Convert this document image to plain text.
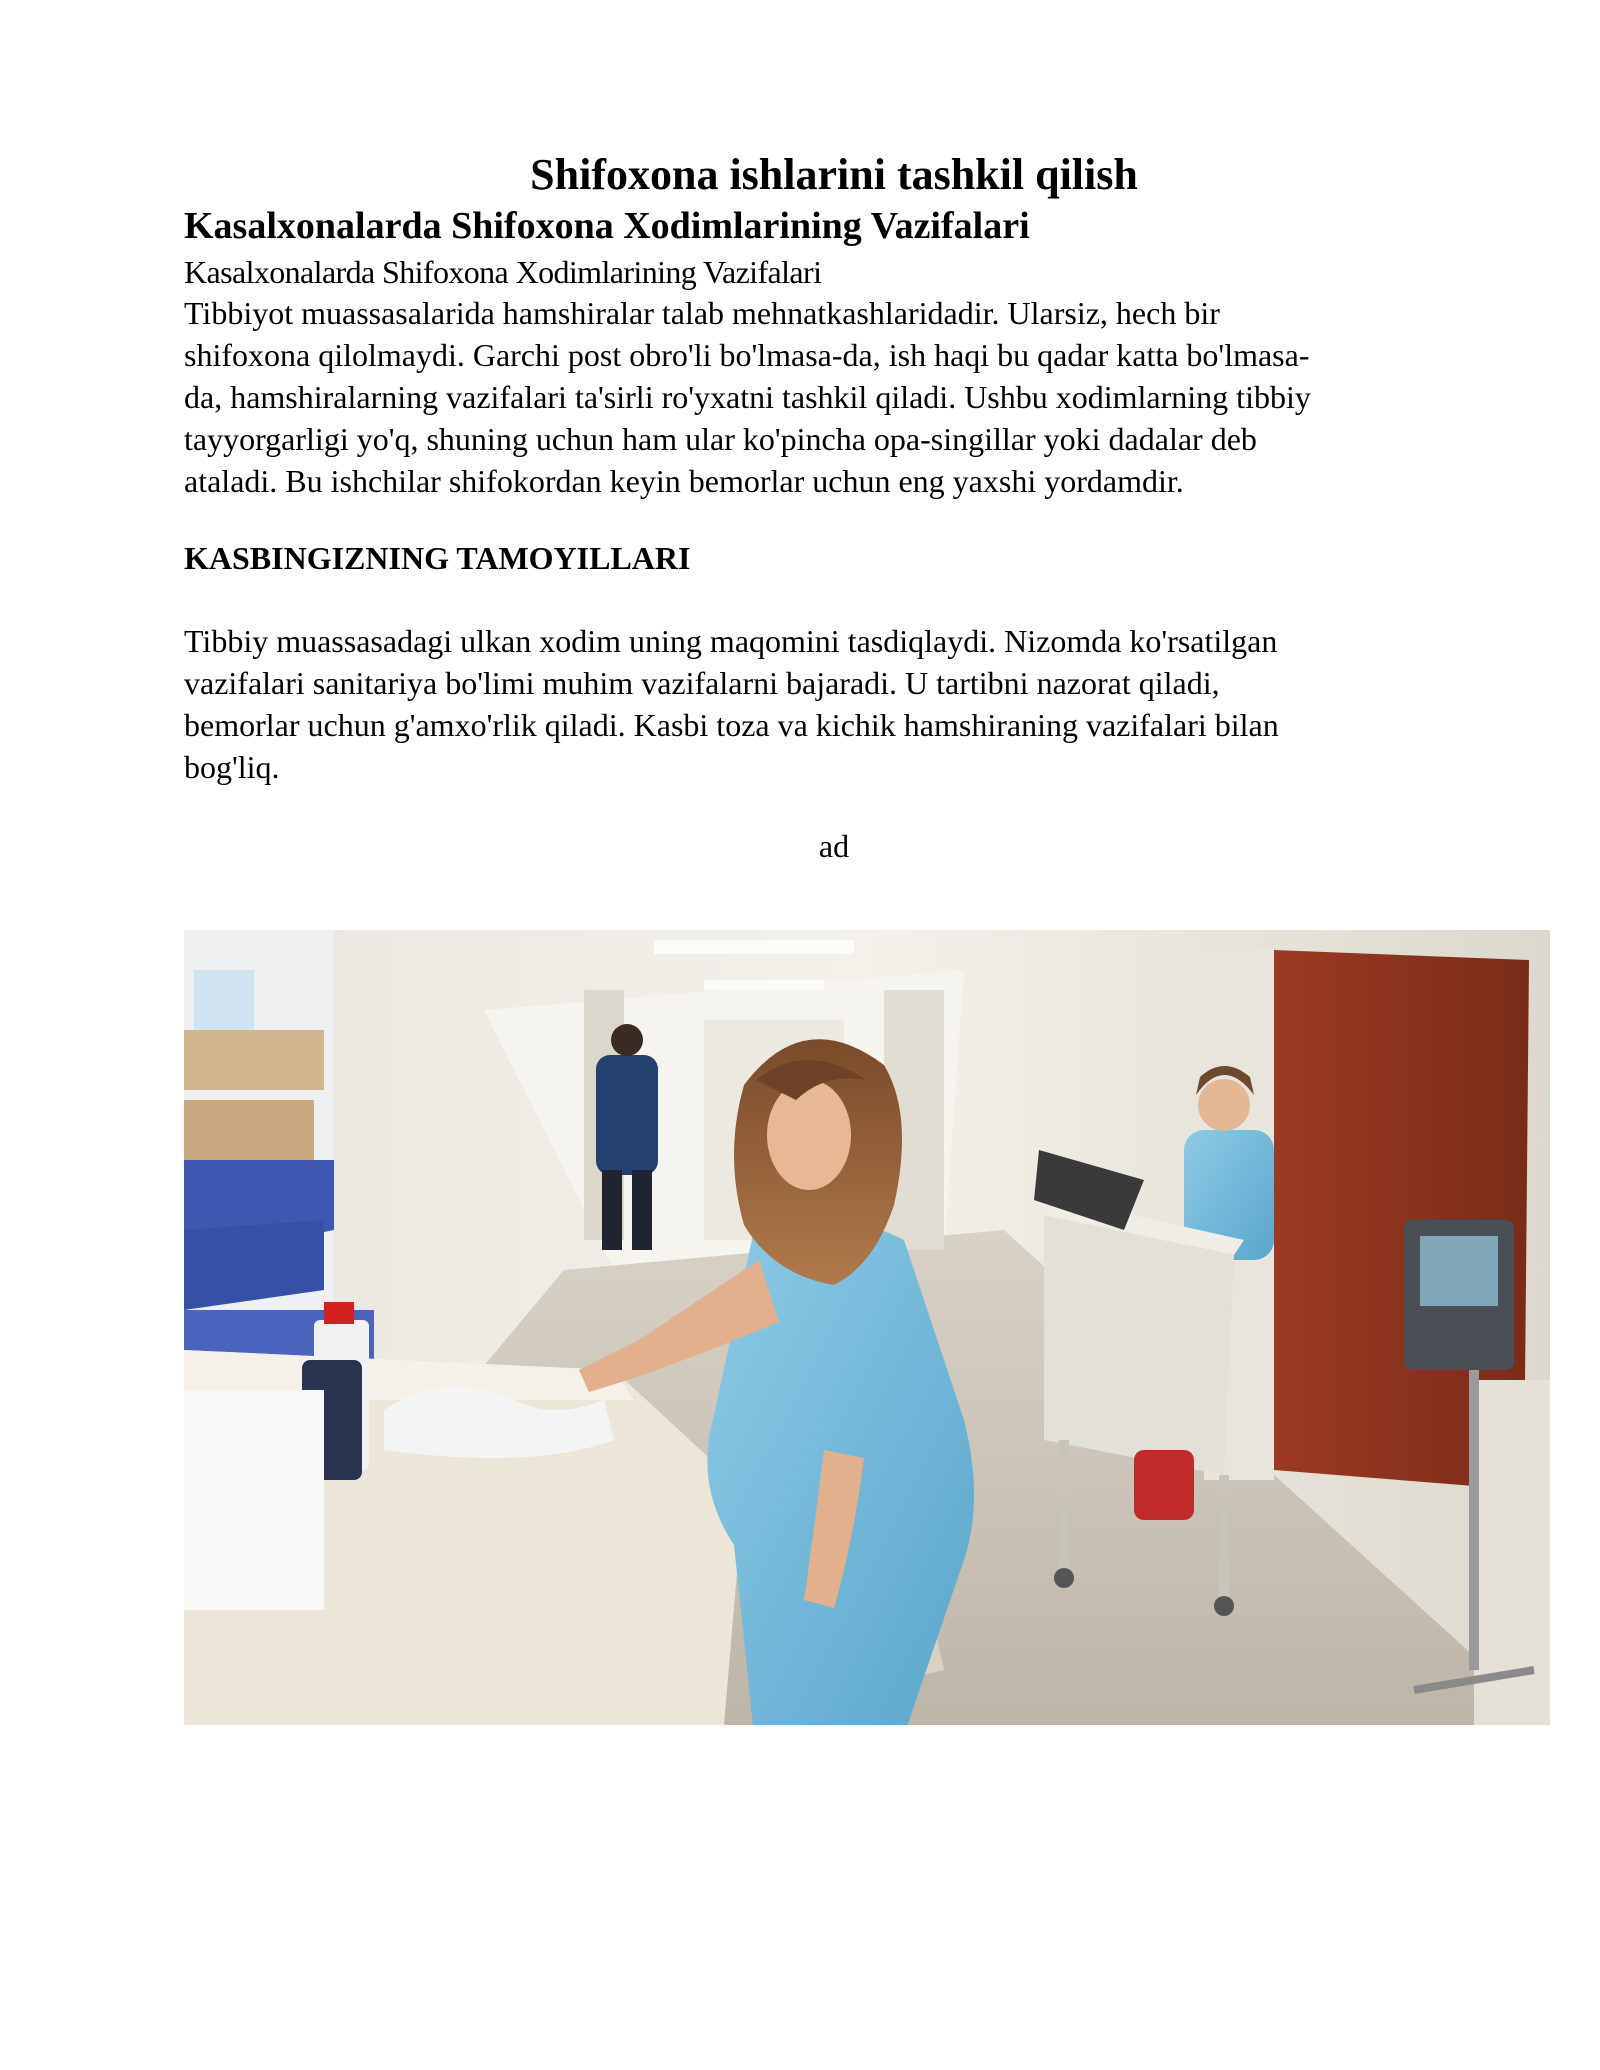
Shifoxona ishlarini tashkil qilish
Kasalxonalarda Shifoxona Xodimlarining Vazifalari

Kasalxonalarda Shifoxona Xodimlarining Vazifalari

Tibbiyot muassasalarida hamshiralar talab mehnatkashlaridadir. Ularsiz, hech bir
shifoxona qilolmaydi. Garchi post obro'li bo'lmasa-da, ish haqi bu qadar katta bo'lmasa-
da, hamshiralarning vazifalari ta'sirli ro'yxatni tashkil qiladi. Ushbu xodimlarning tibbiy
tayyorgarligi yo'q, shuning uchun ham ular ko'pincha opa-singillar yoki dadalar deb
ataladi. Bu ishchilar shifokordan keyin bemorlar uchun eng yaxshi yordamdir.

KASBINGIZNING TAMOYILLARI

Tibbiy muassasadagi ulkan xodim uning maqomini tasdiqlaydi. Nizomda ko'rsatilgan
vazifalari sanitariya bo'limi muhim vazifalarni bajaradi. U tartibni nazorat qiladi,
bemorlar uchun g'amxo'rlik qiladi. Kasbi toza va kichik hamshiraning vazifalari bilan
bog'liq.

ad
